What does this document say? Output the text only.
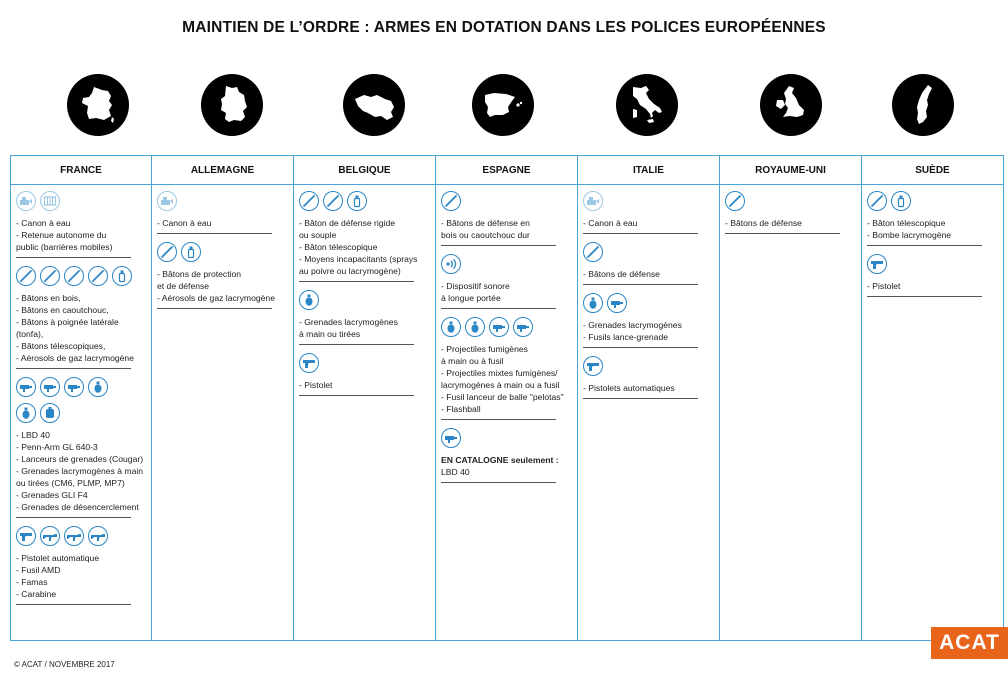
MAINTIEN DE L’ORDRE : ARMES EN DOTATION DANS LES POLICES EUROPÉENNES
FRANCE
- Canon à eau
- Retenue autonome du
public (barrières mobiles)
- Bâtons en bois,
- Bâtons en caoutchouc,
- Bâtons à poignée latérale
(tonfa),
- Bâtons télescopiques,
- Aérosols de gaz lacrymogène
- LBD 40
- Penn-Arm GL 640-3
- Lanceurs de grenades (Cougar)
- Grenades lacrymogènes à main
ou tirées (CM6, PLMP, MP7)
- Grenades GLI F4
- Grenades de désencerclement
- Pistolet automatique
- Fusil AMD
- Famas
- Carabine
ALLEMAGNE
- Canon à eau
- Bâtons de protection
et de défense
- Aérosols de gaz lacrymogène
BELGIQUE
- Bâton de défense rigide
ou souple
- Bâton télescopique
- Moyens incapacitants (sprays
au poivre ou lacrymogène)
- Grenades lacrymogènes
à main ou tirées
- Pistolet
ESPAGNE
- Bâtons de défense en
bois ou caoutchouc dur
- Dispositif sonore
à longue portée
- Projectiles fumigènes
à main ou à fusil
- Projectiles mixtes fumigènes/
lacrymogènes à main ou a fusil
- Fusil lanceur de balle "pelotas"
- Flashball
EN CATALOGNE seulement :
LBD 40
ITALIE
- Canon à eau
- Bâtons de défense
- Grenades lacrymogènes
- Fusils lance-grenade
- Pistolets automatiques
ROYAUME-UNI
- Bâtons de défense
SUÈDE
- Bâton télescopique
- Bombe lacrymogène
- Pistolet
© ACAT / NOVEMBRE 2017
ACAT
